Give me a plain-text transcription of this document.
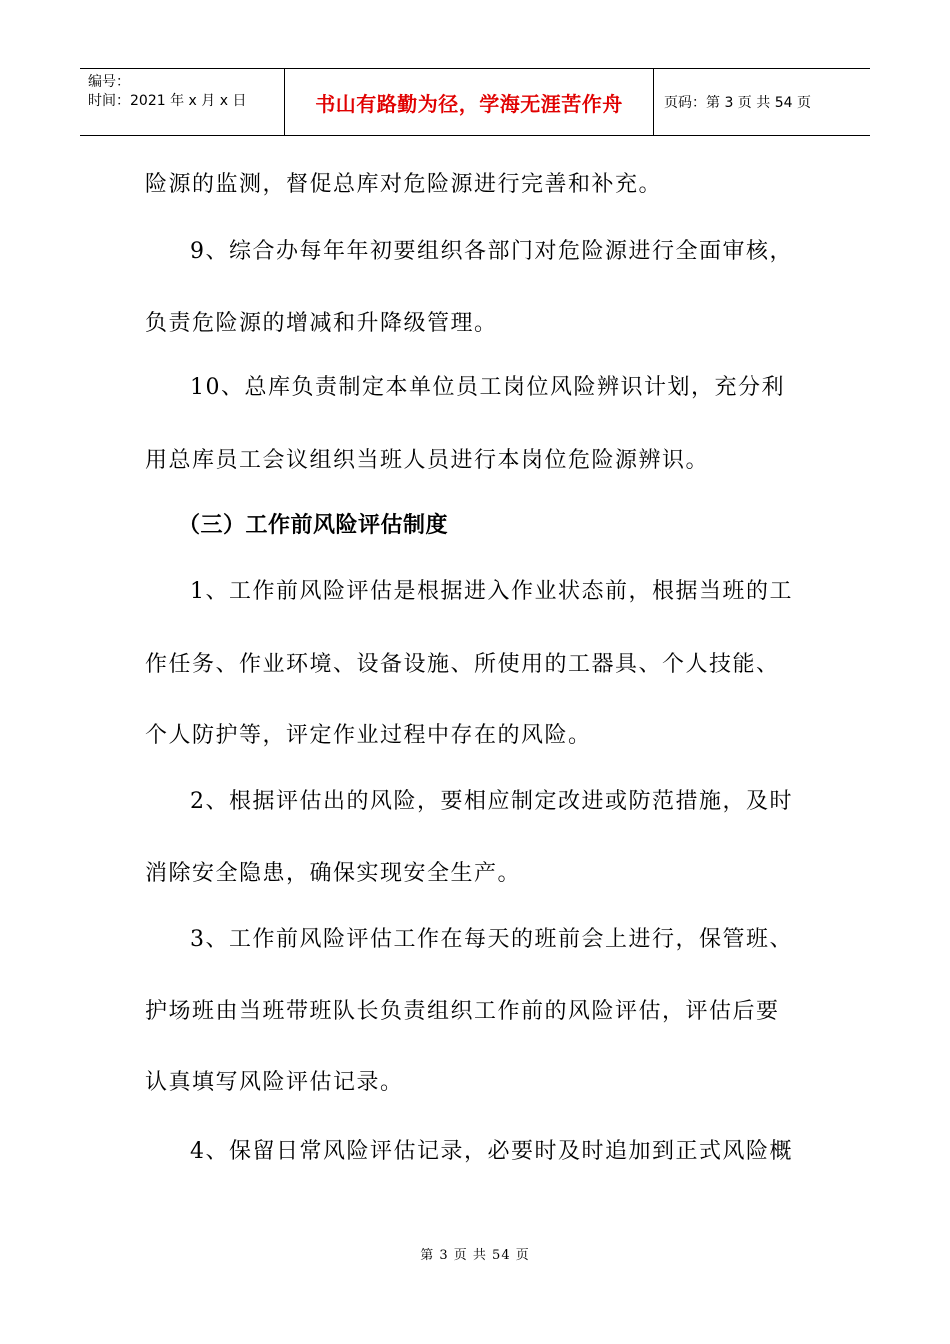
编号：
时间：2021 年 x 月 x 日	书山有路勤为径，学海无涯苦作舟	页码：第 3 页 共 54 页
险源的监测，督促总库对危险源进行完善和补充。
9、综合办每年年初要组织各部门对危险源进行全面审核，
负责危险源的增减和升降级管理。
10、总库负责制定本单位员工岗位风险辨识计划，充分利
用总库员工会议组织当班人员进行本岗位危险源辨识。
（三）工作前风险评估制度
1、工作前风险评估是根据进入作业状态前，根据当班的工
作任务、作业环境、设备设施、所使用的工器具、个人技能、
个人防护等，评定作业过程中存在的风险。
2、根据评估出的风险，要相应制定改进或防范措施，及时
消除安全隐患，确保实现安全生产。
3、工作前风险评估工作在每天的班前会上进行，保管班、
护场班由当班带班队长负责组织工作前的风险评估，评估后要
认真填写风险评估记录。
4、保留日常风险评估记录，必要时及时追加到正式风险概
第 3 页 共 54 页
